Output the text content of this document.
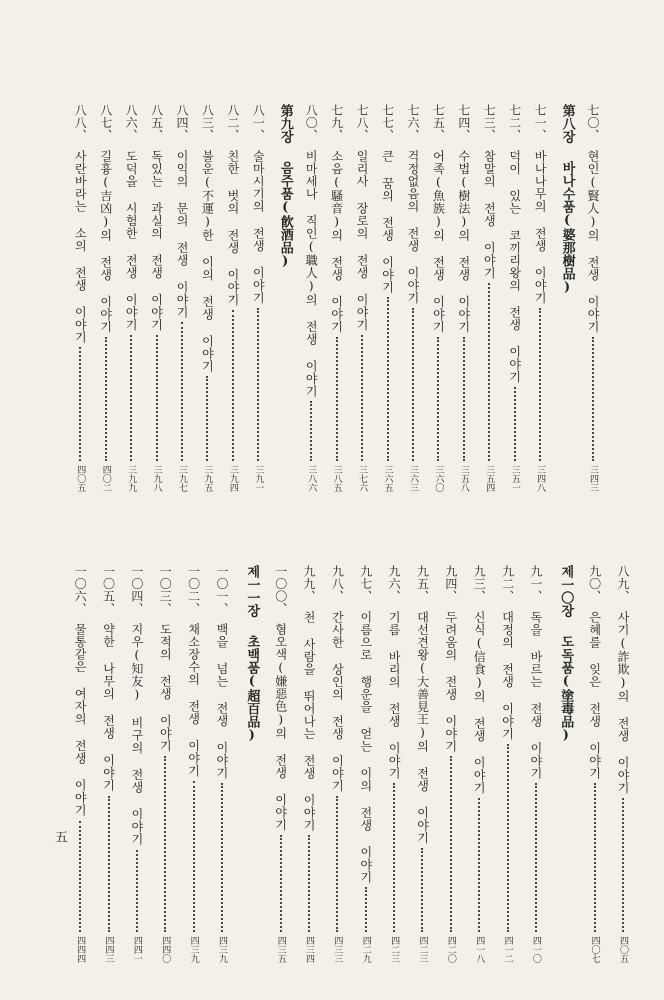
七〇、
현인(賢人)의 전생 이야기
三四三
第八장
바나수품(婆那樹品)
七一、
바나나무의 전생 이야기
三四八
七二、
덕이 있는 코끼리왕의 전생 이야기
三五一
七三、
참말의 전생 이야기
三五四
七四、
수법(樹法)의 전생 이야기
三五八
七五、
어족(魚族)의 전생 이야기
三六〇
七六、
걱정없음의 전생 이야기
三六三
七七、
큰 꿈의 전생 이야기
三六五
七八、
일리사 장로의 전생 이야기
三七六
七九、
소음(騷音)의 전생 이야기
三八五
八〇、
비마세나 직인(職人)의 전생 이야기
三八六
第九장
음주품(飮酒品)
八一、
술마시기의 전생 이야기
三九一
八二、
친한 벗의 전생 이야기
三九四
八三、
불운(不運)한 이의 전생 이야기
三九五
八四、
이익의 문의 전생 이야기
三九七
八五、
독있는 과실의 전생 이야기
三九八
八六、
도덕을 시험한 전생 이야기
三九九
八七、
길흉(吉凶)의 전생 이야기
四〇二
八八、
사란바라는 소의 전생 이야기
四〇五
八九、
사기(詐欺)의 전생 이야기
四〇五
九〇、
은혜를 잊은 전생 이야기
四〇七
제一〇장
도독품(塗毒品)
九一、
독을 바르는 전생 이야기
四一〇
九二、
대정의 전생 이야기
四一二
九三、
신식(信食)의 전생 이야기
四一八
九四、
두려움의 전생 이야기
四二〇
九五、
대선견왕(大善見王)의 전생 이야기
四二三
九六、
기름 바리의 전생 이야기
四二三
九七、
이름으로 행운을 얻는 이의 전생 이야기
四二九
九八、
간사한 상인의 전생 이야기
四三三
九九、
천 사람을 뛰어나는 전생 이야기
四三四
一〇〇、
혐오색(嫌惡色)의 전생 이야기
四三五
제一一장
초백품(超百品)
一〇一、
백을 넘는 전생 이야기
四三九
一〇二、
채소장수의 전생 이야기
四三九
一〇三、
도적의 전생 이야기
四四〇
一〇四、
지우(知友) 비구의 전생 이야기
四四一
一〇五、
약한 나무의 전생 이야기
四四三
一〇六、
물통같은 여자의 전생 이야기
四四四
五
